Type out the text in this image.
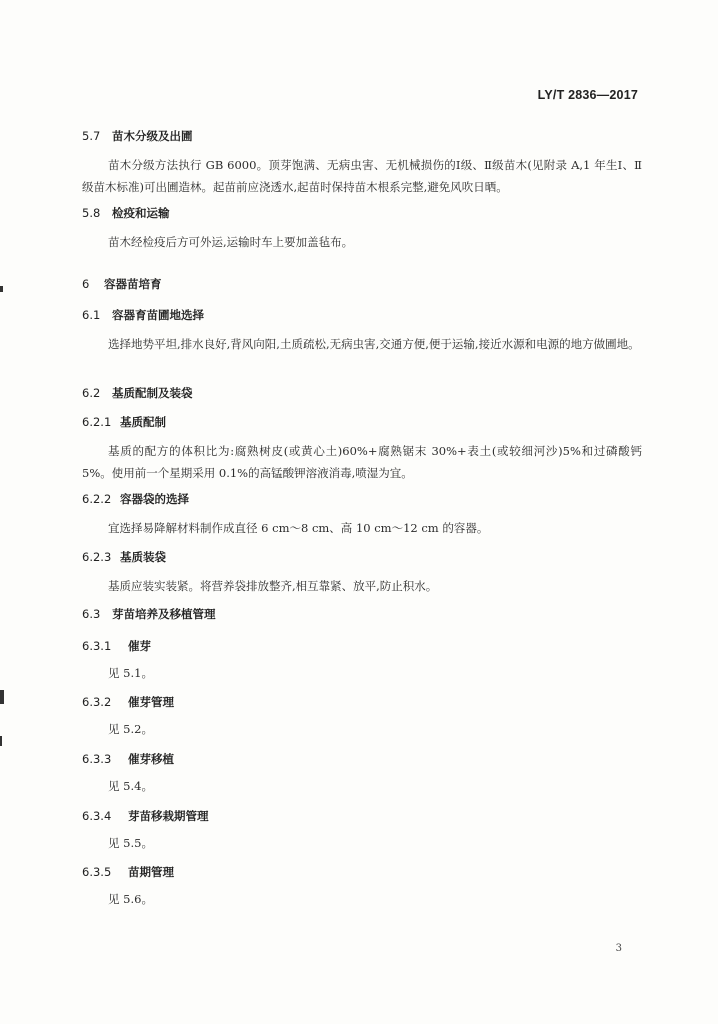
LY/T 2836—2017
5.7 苗木分级及出圃
苗木分级方法执行 GB 6000。顶芽饱满、无病虫害、无机械损伤的Ⅰ级、Ⅱ级苗木(见附录 A,1 年生Ⅰ、Ⅱ级苗木标准)可出圃造林。起苗前应浇透水,起苗时保持苗木根系完整,避免风吹日晒。
5.8 检疫和运输
苗木经检疫后方可外运,运输时车上要加盖毡布。
6 容器苗培育
6.1 容器育苗圃地选择
选择地势平坦,排水良好,背风向阳,土质疏松,无病虫害,交通方便,便于运输,接近水源和电源的地方做圃地。
6.2 基质配制及装袋
6.2.1 基质配制
基质的配方的体积比为:腐熟树皮(或黄心土)60%+腐熟锯末 30%+表土(或较细河沙)5%和过磷酸钙 5%。使用前一个星期采用 0.1%的高锰酸钾溶液消毒,喷湿为宜。
6.2.2 容器袋的选择
宜选择易降解材料制作成直径 6 cm～8 cm、高 10 cm～12 cm 的容器。
6.2.3 基质装袋
基质应装实装紧。将营养袋排放整齐,相互靠紧、放平,防止积水。
6.3 芽苗培养及移植管理
6.3.1 催芽
见 5.1。
6.3.2 催芽管理
见 5.2。
6.3.3 催芽移植
见 5.4。
6.3.4 芽苗移栽期管理
见 5.5。
6.3.5 苗期管理
见 5.6。
3
